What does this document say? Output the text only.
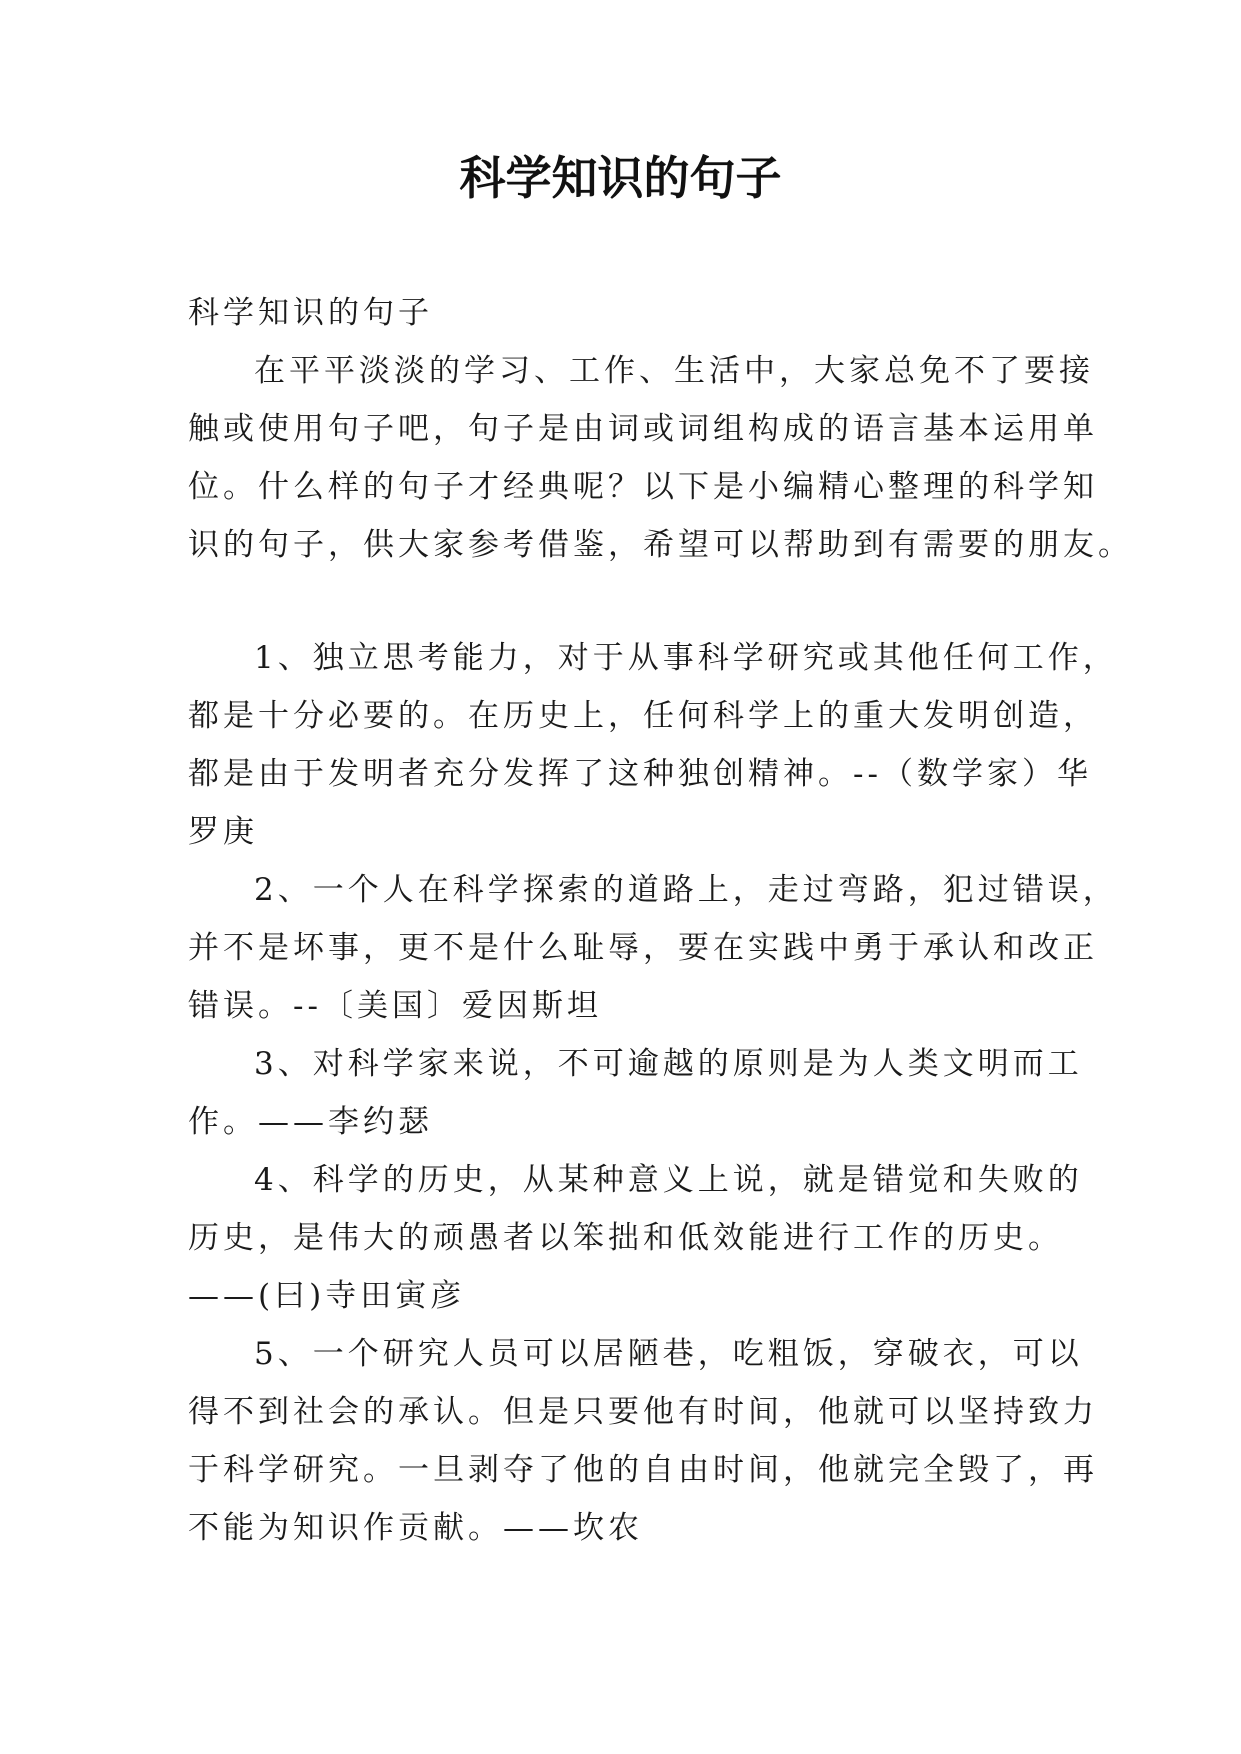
科学知识的句子

科学知识的句子

在平平淡淡的学习、工作、生活中，大家总免不了要接

触或使用句子吧，句子是由词或词组构成的语言基本运用单

位。什么样的句子才经典呢？以下是小编精心整理的科学知

识的句子，供大家参考借鉴，希望可以帮助到有需要的朋友。

1、独立思考能力，对于从事科学研究或其他任何工作，

都是十分必要的。在历史上，任何科学上的重大发明创造，

都是由于发明者充分发挥了这种独创精神。--（数学家）华

罗庚

2、一个人在科学探索的道路上，走过弯路，犯过错误，

并不是坏事，更不是什么耻辱，要在实践中勇于承认和改正

错误。--〔美国〕爱因斯坦

3、对科学家来说，不可逾越的原则是为人类文明而工

作。——李约瑟

4、科学的历史，从某种意义上说，就是错觉和失败的

历史，是伟大的顽愚者以笨拙和低效能进行工作的历史。

——(曰)寺田寅彦

5、一个研究人员可以居陋巷，吃粗饭，穿破衣，可以

得不到社会的承认。但是只要他有时间，他就可以坚持致力

于科学研究。一旦剥夺了他的自由时间，他就完全毁了，再

不能为知识作贡献。——坎农
